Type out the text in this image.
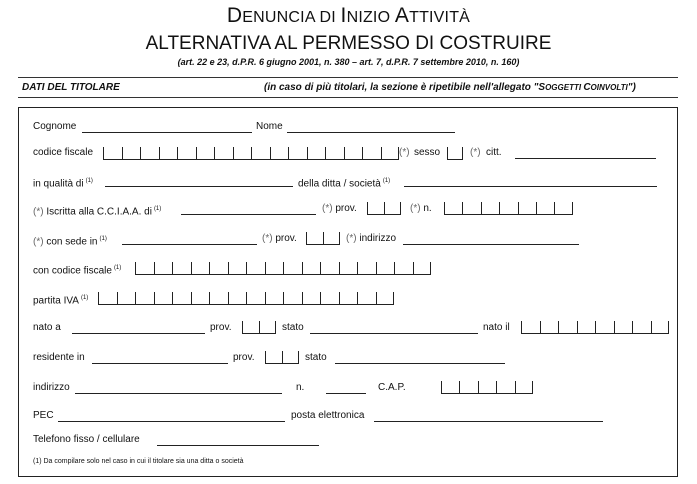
DENUNCIA DI INIZIO ATTIVITÀ
ALTERNATIVA AL PERMESSO DI COSTRUIRE
(art. 22 e 23, d.P.R. 6 giugno 2001, n. 380 – art. 7, d.P.R. 7 settembre 2010, n. 160)
DATI DEL TITOLARE	(in caso di più titolari, la sezione è ripetibile nell'allegato "SOGGETTI COINVOLTI")
Cognome	Nome
codice fiscale	(*) sesso	(*) citt.
in qualità di $^{(1)}$	della ditta / società $^{(1)}$
(*) Iscritta alla C.C.I.A.A. di $^{(1)}$	(*) prov.	(*) n.
(*) con sede in $^{(1)}$	(*) prov.	(*) indirizzo
con codice fiscale $^{(1)}$
partita IVA $^{(1)}$
nato a	prov.	stato	nato il
residente in	prov.	stato
indirizzo	n.	C.A.P.
PEC	posta elettronica
Telefono fisso / cellulare
(1) Da compilare solo nel caso in cui il titolare sia una ditta o società
